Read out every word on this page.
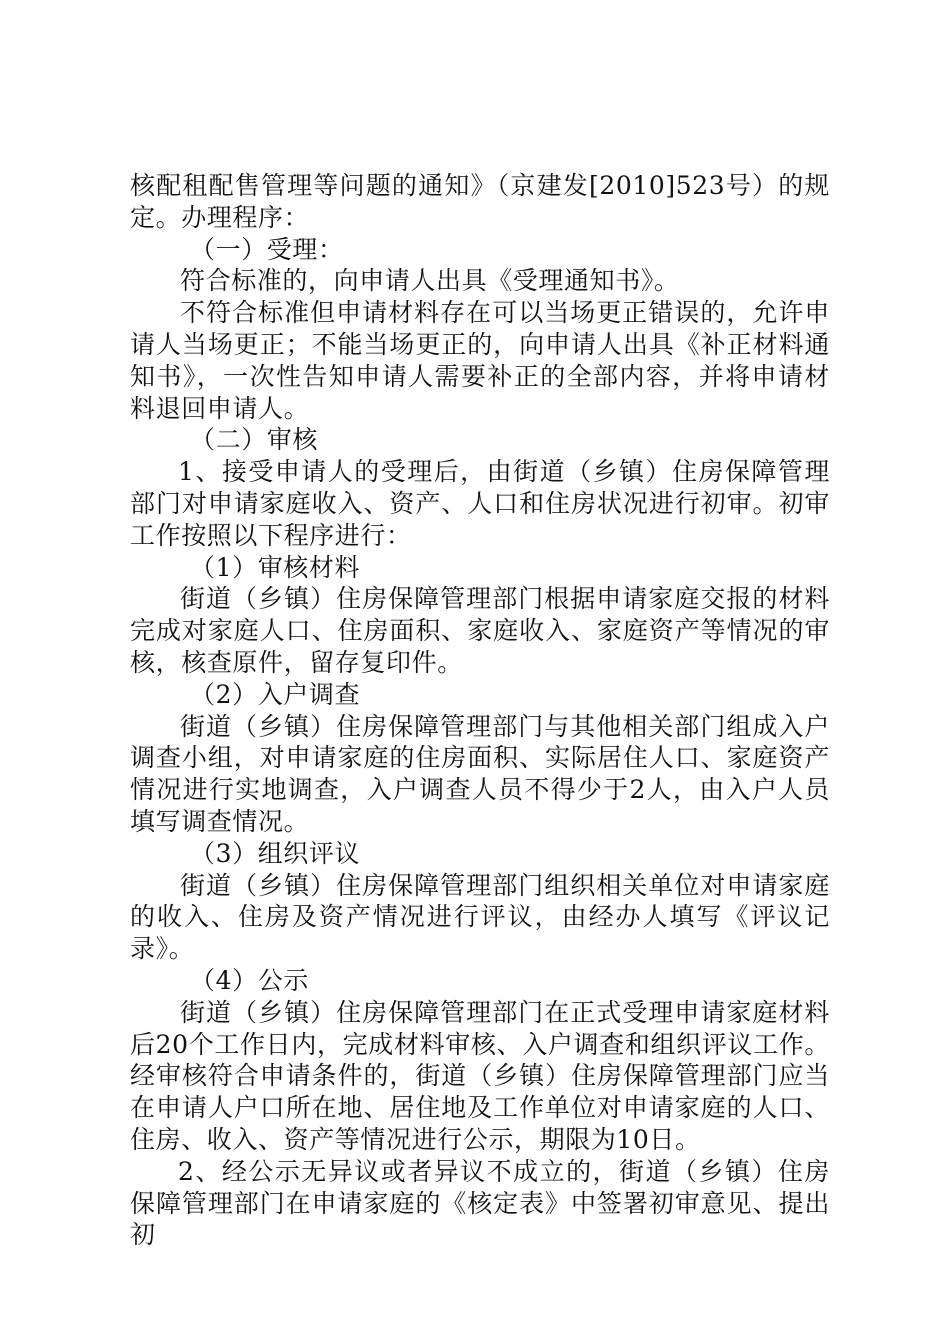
核配租配售管理等问题的通知》（京建发[2010]523号）的规定。办理程序：

（一）受理：

符合标准的，向申请人出具《受理通知书》。

不符合标准但申请材料存在可以当场更正错误的，允许申请人当场更正；不能当场更正的，向申请人出具《补正材料通知书》，一次性告知申请人需要补正的全部内容，并将申请材料退回申请人。

（二）审核

1、接受申请人的受理后，由街道（乡镇）住房保障管理部门对申请家庭收入、资产、人口和住房状况进行初审。初审工作按照以下程序进行：

（1）审核材料

街道（乡镇）住房保障管理部门根据申请家庭交报的材料完成对家庭人口、住房面积、家庭收入、家庭资产等情况的审核，核查原件，留存复印件。

（2）入户调查

街道（乡镇）住房保障管理部门与其他相关部门组成入户调查小组，对申请家庭的住房面积、实际居住人口、家庭资产情况进行实地调查，入户调查人员不得少于2人，由入户人员填写调查情况。

（3）组织评议

街道（乡镇）住房保障管理部门组织相关单位对申请家庭的收入、住房及资产情况进行评议，由经办人填写《评议记录》。

（4）公示

街道（乡镇）住房保障管理部门在正式受理申请家庭材料后20个工作日内，完成材料审核、入户调查和组织评议工作。经审核符合申请条件的，街道（乡镇）住房保障管理部门应当在申请人户口所在地、居住地及工作单位对申请家庭的人口、住房、收入、资产等情况进行公示，期限为10日。

2、经公示无异议或者异议不成立的，街道（乡镇）住房保障管理部门在申请家庭的《核定表》中签署初审意见、提出初
